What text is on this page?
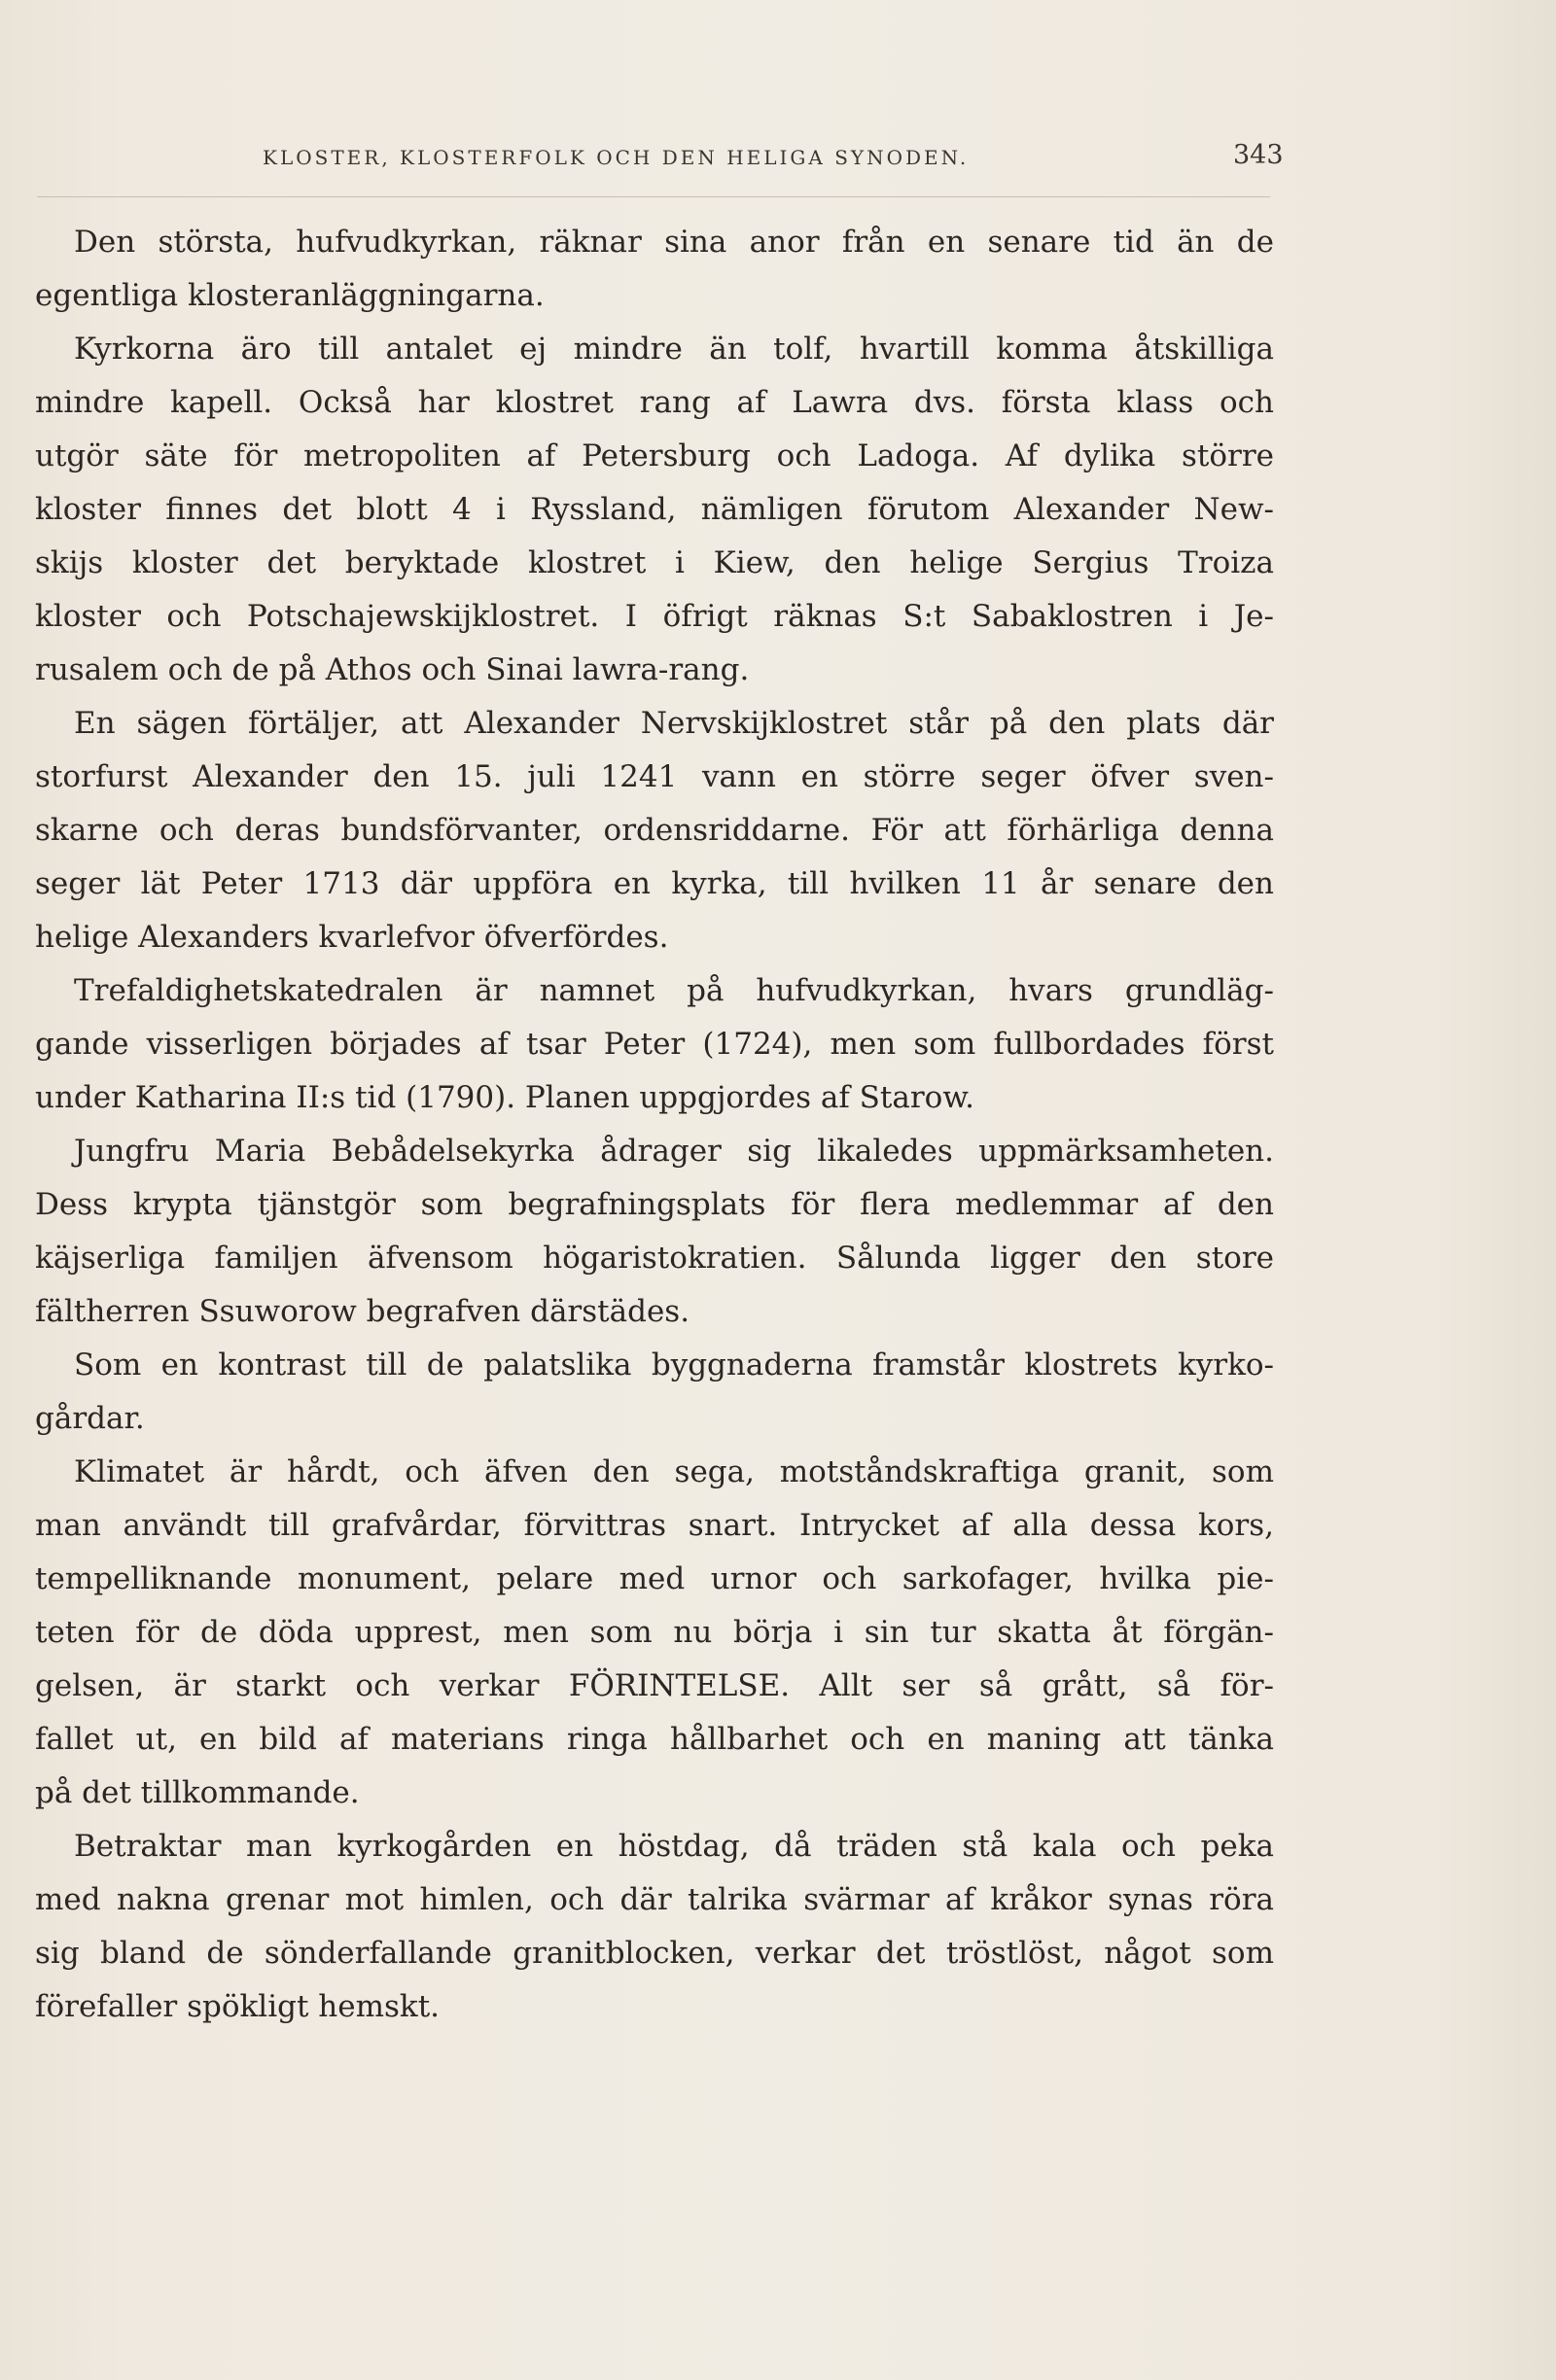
KLOSTER, KLOSTERFOLK OCH DEN HELIGA SYNODEN.	343
Den största, hufvudkyrkan, räknar sina anor från en senare tid än de
egentliga klosteranläggningarna.
Kyrkorna äro till antalet ej mindre än tolf, hvartill komma åtskilliga
mindre kapell. Också har klostret rang af Lawra dvs. första klass och
utgör säte för metropoliten af Petersburg och Ladoga. Af dylika större
kloster finnes det blott 4 i Ryssland, nämligen förutom Alexander New-
skijs kloster det beryktade klostret i Kiew, den helige Sergius Troiza
kloster och Potschajewskijklostret. I öfrigt räknas S:t Sabaklostren i Je-
rusalem och de på Athos och Sinai lawra-rang.
En sägen förtäljer, att Alexander Nervskijklostret står på den plats där
storfurst Alexander den 15. juli 1241 vann en större seger öfver sven-
skarne och deras bundsförvanter, ordensriddarne. För att förhärliga denna
seger lät Peter 1713 där uppföra en kyrka, till hvilken 11 år senare den
helige Alexanders kvarlefvor öfverfördes.
Trefaldighetskatedralen är namnet på hufvudkyrkan, hvars grundläg-
gande visserligen börjades af tsar Peter (1724), men som fullbordades först
under Katharina II:s tid (1790). Planen uppgjordes af Starow.
Jungfru Maria Bebådelsekyrka ådrager sig likaledes uppmärksamheten.
Dess krypta tjänstgör som begrafningsplats för flera medlemmar af den
käjserliga familjen äfvensom högaristokratien. Sålunda ligger den store
fältherren Ssuworow begrafven därstädes.
Som en kontrast till de palatslika byggnaderna framstår klostrets kyrko-
gårdar.
Klimatet är hårdt, och äfven den sega, motståndskraftiga granit, som
man användt till grafvårdar, förvittras snart. Intrycket af alla dessa kors,
tempelliknande monument, pelare med urnor och sarkofager, hvilka pie-
teten för de döda upprest, men som nu börja i sin tur skatta åt förgän-
gelsen, är starkt och verkar FÖRINTELSE. Allt ser så grått, så för-
fallet ut, en bild af materians ringa hållbarhet och en maning att tänka
på det tillkommande.
Betraktar man kyrkogården en höstdag, då träden stå kala och peka
med nakna grenar mot himlen, och där talrika svärmar af kråkor synas röra
sig bland de sönderfallande granitblocken, verkar det tröstlöst, något som
förefaller spökligt hemskt.
